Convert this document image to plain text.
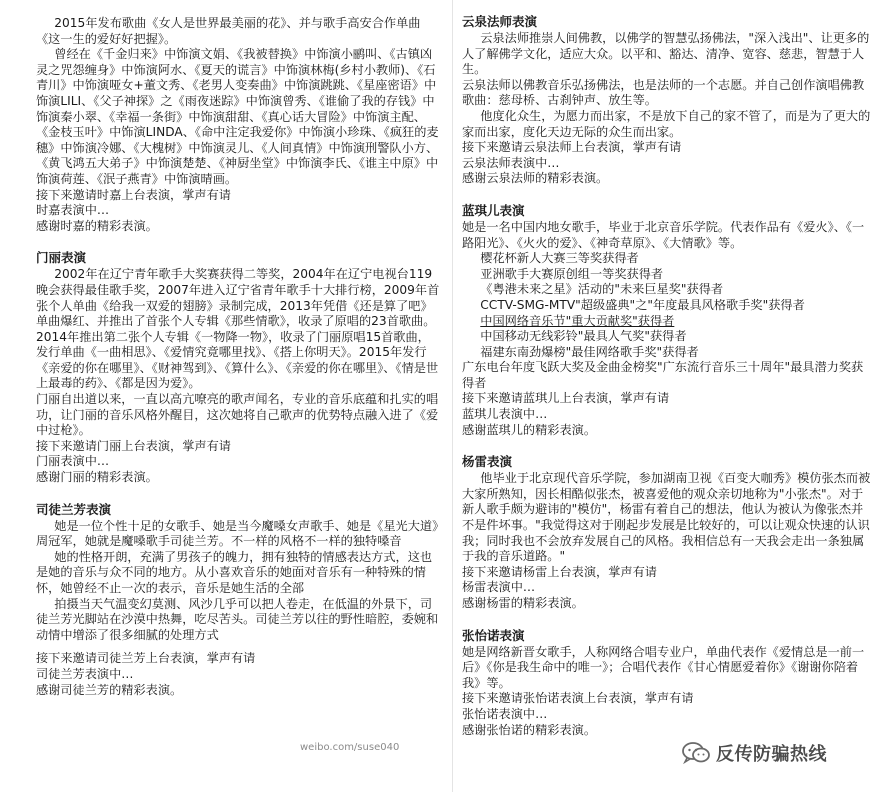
2015年发布歌曲《女人是世界最美丽的花》、并与歌手高安合作单曲《这一生的爱好好把握》。

曾经在《千金归来》中饰演文娟、《我被替换》中饰演小鹂叫、《古镇凶灵之咒怨缠身》中饰演阿水、《夏天的谎言》中饰演林梅(乡村小教师)、《石青川》中饰演哑女+董文秀、《老男人变奏曲》中饰演跳跳、《星座密语》中饰演LILI、《父子神探》之《雨夜迷踪》中饰演曾秀、《谁偷了我的存钱》中饰演秦小翠、《幸福一条街》中饰演甜甜、《真心话大冒险》中饰演主配、《金枝玉叶》中饰演LINDA、《命中注定我爱你》中饰演小珍珠、《疯狂的麦穗》中饰演冷娜、《大槐树》中饰演灵儿、《人间真情》中饰演刑警队小方、《黄飞鸿五大弟子》中饰演楚楚、《神厨坐堂》中饰演李氏、《谁主中原》中饰演荷莲、《泯子燕青》中饰演晴画。

接下来邀请时嘉上台表演，掌声有请

时嘉表演中…

感谢时嘉的精彩表演。

门丽表演

2002年在辽宁青年歌手大奖赛获得二等奖，2004年在辽宁电视台119晚会获得最佳歌手奖，2007年进入辽宁省青年歌手十大排行榜，2009年首张个人单曲《给我一双爱的翅膀》录制完成，2013年凭借《还是算了吧》单曲爆红、并推出了首张个人专辑《那些情歌》，收录了原唱的23首歌曲。2014年推出第二张个人专辑《一物降一物》，收录了门丽原唱15首歌曲，发行单曲《一曲相思》、《爱情究竟哪里找》、《搭上你明天》。2015年发行《亲爱的你在哪里》、《财神驾到》、《算什么》、《亲爱的你在哪里》、《情是世上最毒的药》、《都是因为爱》。

门丽自出道以来，一直以高亢嘹亮的歌声闻名，专业的音乐底蕴和扎实的唱功，让门丽的音乐风格外醒目，这次她将自己歌声的优势特点融入进了《爱中过枪》。

接下来邀请门丽上台表演，掌声有请

门丽表演中…

感谢门丽的精彩表演。

司徒兰芳表演

她是一位个性十足的女歌手、她是当今魔嗓女声歌手、她是《星光大道》周冠军，她就是魔嗓歌手司徒兰芳。不一样的风格不一样的独特嗓音

她的性格开朗，充满了男孩子的魄力，拥有独特的情感表达方式，这也是她的音乐与众不同的地方。从小喜欢音乐的她面对音乐有一种特殊的情怀，她曾经不止一次的表示，音乐是她生活的全部

拍摄当天气温变幻莫测、风沙几乎可以把人卷走，在低温的外景下，司徒兰芳光脚站在沙漠中热舞，吃尽苦头。司徒兰芳以往的野性暗腔，委婉和动情中增添了很多细腻的处理方式

接下来邀请司徒兰芳上台表演，掌声有请

司徒兰芳表演中…

感谢司徒兰芳的精彩表演。

云泉法师表演

云泉法师推崇人间佛教，以佛学的智慧弘扬佛法，"深入浅出"、让更多的人了解佛学文化，适应大众。以平和、豁达、清净、宽容、慈悲，智慧于人生。

云泉法师以佛教音乐弘扬佛法，也是法师的一个志愿。并自己创作演唱佛教歌曲：慈母桥、古刹钟声、放生等。

他度化众生，为愿力而出家，不是放下自己的家不管了，而是为了更大的家而出家，度化天边无际的众生而出家。

接下来邀请云泉法师上台表演，掌声有请

云泉法师表演中…

感谢云泉法师的精彩表演。

蓝琪儿表演

她是一名中国内地女歌手，毕业于北京音乐学院。代表作品有《爱火》、《一路阳光》、《火火的爱》、《神奇草原》、《大情歌》等。

樱花杯新人大赛三等奖获得者

亚洲歌手大赛原创组一等奖获得者

《粤港未来之星》活动的"未来巨星奖"获得者

CCTV-SMG-MTV"超级盛典"之"年度最具风格歌手奖"获得者

中国网络音乐节"重大贡献奖"获得者

中国移动无线彩铃"最具人气奖"获得者

福建东南劲爆榜"最佳网络歌手奖"获得者

广东电台年度飞跃大奖及金曲金榜奖"广东流行音乐三十周年"最具潜力奖获得者

接下来邀请蓝琪儿上台表演，掌声有请

蓝琪儿表演中…

感谢蓝琪儿的精彩表演。

杨雷表演

他毕业于北京现代音乐学院，参加湖南卫视《百变大咖秀》模仿张杰而被大家所熟知，因长相酷似张杰，被喜爱他的观众亲切地称为"小张杰"。对于新人歌手颇为避讳的"模仿"，杨雷有着自己的想法，他认为被认为像张杰并不是件坏事。"我觉得这对于刚起步发展是比较好的，可以让观众快速的认识我；同时我也不会放弃发展自己的风格。我相信总有一天我会走出一条独属于我的音乐道路。"

接下来邀请杨雷上台表演，掌声有请

杨雷表演中…

感谢杨雷的精彩表演。

张怡诺表演

她是网络新晋女歌手，人称网络合唱专业户，单曲代表作《爱情总是一前一后》《你是我生命中的唯一》；合唱代表作《甘心情愿爱着你》《谢谢你陪着我》等。

接下来邀请张怡诺表演上台表演，掌声有请

张怡诺表演中…

感谢张怡诺的精彩表演。

weibo.com/suse040	反传防骗热线
